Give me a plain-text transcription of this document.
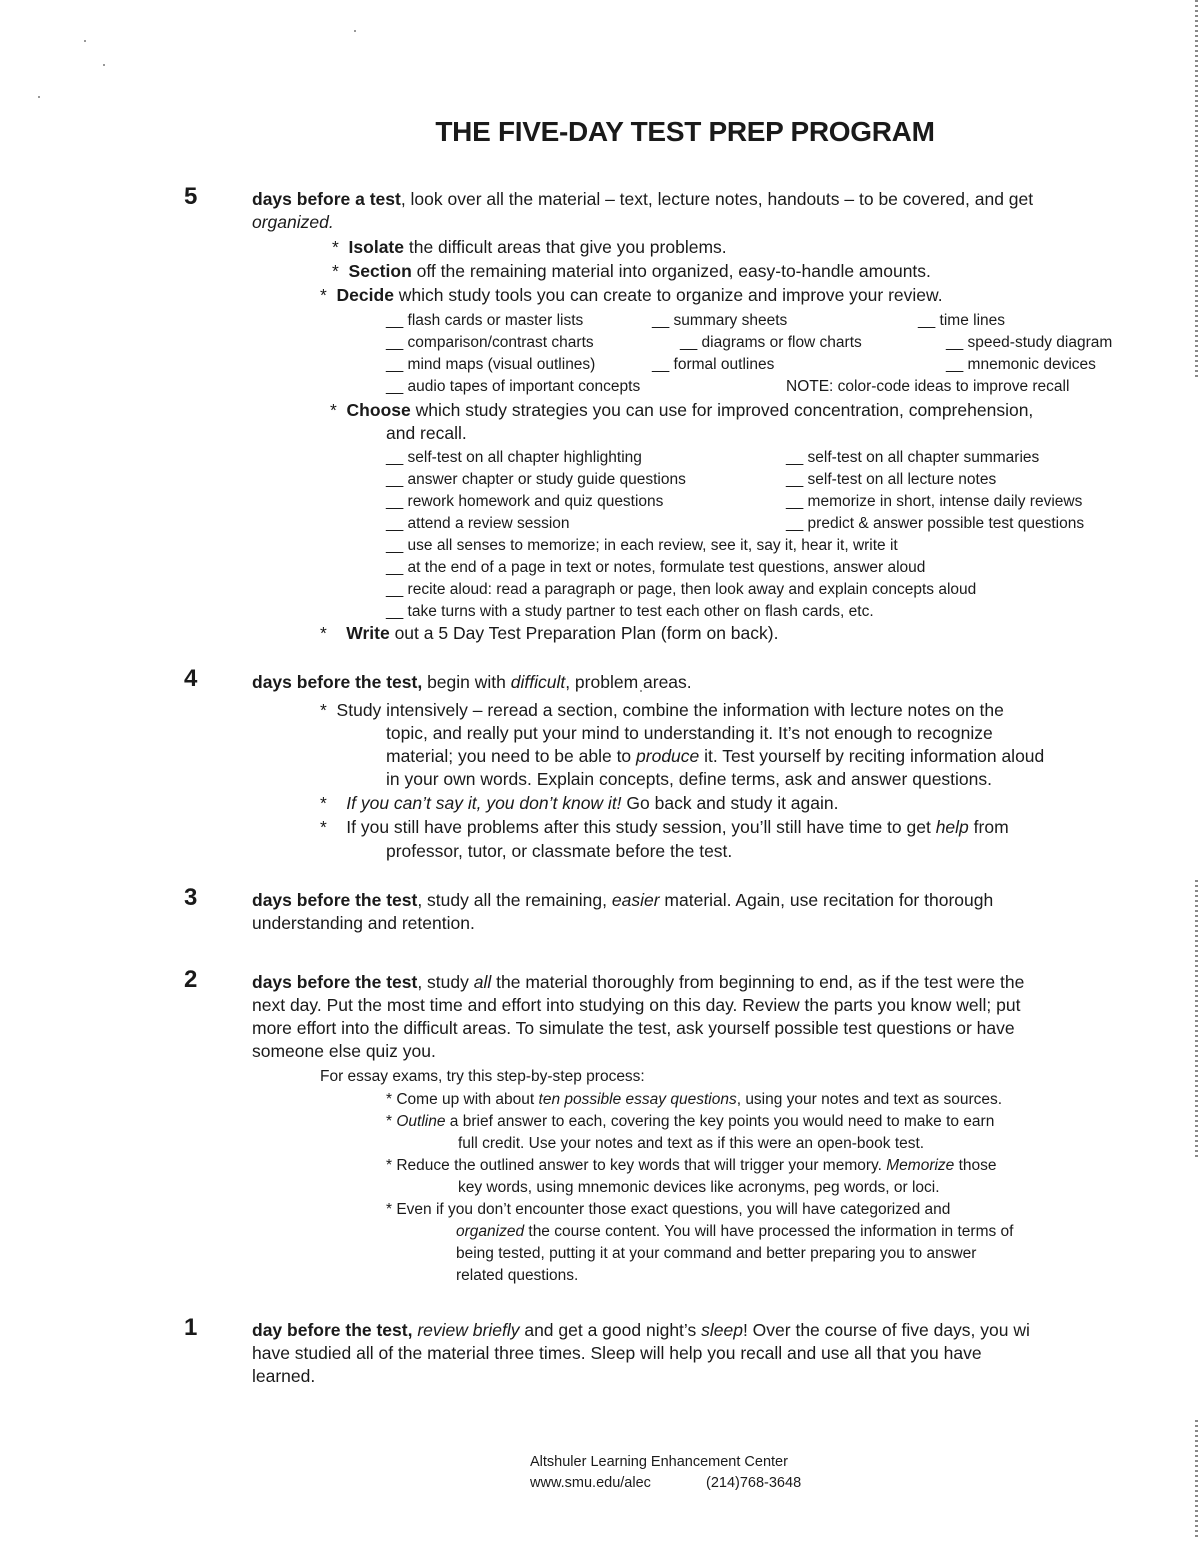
THE FIVE-DAY TEST PREP PROGRAM
5	days before a test, look over all the material – text, lecture notes, handouts – to be covered, and get
organized.
* Isolate the difficult areas that give you problems.
* Section off the remaining material into organized, easy-to-handle amounts.
* Decide which study tools you can create to organize and improve your review.
__ flash cards or master lists	__ summary sheets	__ time lines
__ comparison/contrast charts	__ diagrams or flow charts	__ speed-study diagram
__ mind maps (visual outlines)	__ formal outlines	__ mnemonic devices
__ audio tapes of important concepts	NOTE: color-code ideas to improve recall
* Choose which study strategies you can use for improved concentration, comprehension,
and recall.
__ self-test on all chapter highlighting	__ self-test on all chapter summaries
__ answer chapter or study guide questions	__ self-test on all lecture notes
__ rework homework and quiz questions	__ memorize in short, intense daily reviews
__ attend a review session	__ predict & answer possible test questions
__ use all senses to memorize; in each review, see it, say it, hear it, write it
__ at the end of a page in text or notes, formulate test questions, answer aloud
__ recite aloud: read a paragraph or page, then look away and explain concepts aloud
__ take turns with a study partner to test each other on flash cards, etc.
* Write out a 5 Day Test Preparation Plan (form on back).
4	days before the test, begin with difficult, problem areas.
* Study intensively – reread a section, combine the information with lecture notes on the
topic, and really put your mind to understanding it. It’s not enough to recognize
material; you need to be able to produce it. Test yourself by reciting information aloud
in your own words. Explain concepts, define terms, ask and answer questions.
* If you can’t say it, you don’t know it! Go back and study it again.
* If you still have problems after this study session, you’ll still have time to get help from
professor, tutor, or classmate before the test.
3	days before the test, study all the remaining, easier material. Again, use recitation for thorough
understanding and retention.
2	days before the test, study all the material thoroughly from beginning to end, as if the test were the
next day. Put the most time and effort into studying on this day. Review the parts you know well; put
more effort into the difficult areas. To simulate the test, ask yourself possible test questions or have
someone else quiz you.
For essay exams, try this step-by-step process:
* Come up with about ten possible essay questions, using your notes and text as sources.
* Outline a brief answer to each, covering the key points you would need to make to earn
full credit. Use your notes and text as if this were an open-book test.
* Reduce the outlined answer to key words that will trigger your memory. Memorize those
key words, using mnemonic devices like acronyms, peg words, or loci.
* Even if you don’t encounter those exact questions, you will have categorized and
organized the course content. You will have processed the information in terms of
being tested, putting it at your command and better preparing you to answer
related questions.
1	day before the test, review briefly and get a good night’s sleep! Over the course of five days, you wi
have studied all of the material three times. Sleep will help you recall and use all that you have
learned.
Altshuler Learning Enhancement Center
www.smu.edu/alec	(214)768-3648
